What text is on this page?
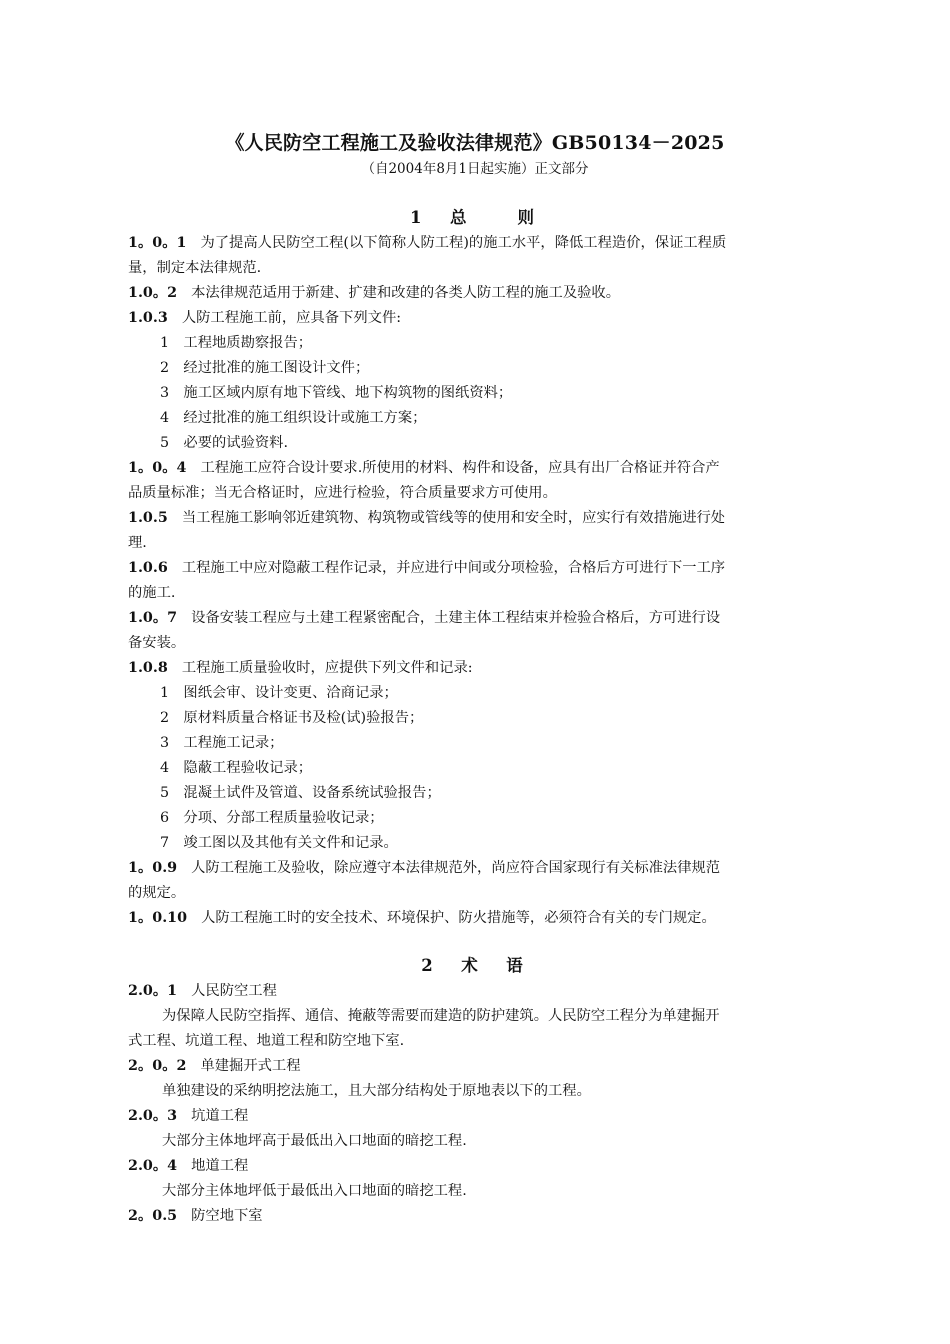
《人民防空工程施工及验收法律规范》GB50134－2025
（自2004年8月1日起实施）正文部分
1　总　　则
1。0。1 为了提高人民防空工程(以下简称人防工程)的施工水平，降低工程造价，保证工程质
量，制定本法律规范.
1.0。2 本法律规范适用于新建、扩建和改建的各类人防工程的施工及验收。
1.0.3 人防工程施工前，应具备下列文件:
1　工程地质勘察报告；
2　经过批准的施工图设计文件；
3　施工区域内原有地下管线、地下构筑物的图纸资料；
4　经过批准的施工组织设计或施工方案；
5　必要的试验资料.
1。0。4 工程施工应符合设计要求.所使用的材料、构件和设备，应具有出厂合格证并符合产
品质量标准；当无合格证时，应进行检验，符合质量要求方可使用。
1.0.5 当工程施工影响邻近建筑物、构筑物或管线等的使用和安全时，应实行有效措施进行处
理.
1.0.6 工程施工中应对隐蔽工程作记录，并应进行中间或分项检验，合格后方可进行下一工序
的施工.
1.0。7 设备安装工程应与土建工程紧密配合，土建主体工程结束并检验合格后，方可进行设
备安装。
1.0.8 工程施工质量验收时，应提供下列文件和记录:
1　图纸会审、设计变更、洽商记录；
2　原材料质量合格证书及检(试)验报告；
3　工程施工记录；
4　隐蔽工程验收记录；
5　混凝土试件及管道、设备系统试验报告；
6　分项、分部工程质量验收记录；
7　竣工图以及其他有关文件和记录。
1。0.9 人防工程施工及验收，除应遵守本法律规范外，尚应符合国家现行有关标准法律规范
的规定。
1。0.10 人防工程施工时的安全技术、环境保护、防火措施等，必须符合有关的专门规定。
2　术　语
2.0。1 人民防空工程
为保障人民防空指挥、通信、掩蔽等需要而建造的防护建筑。人民防空工程分为单建掘开
式工程、坑道工程、地道工程和防空地下室.
2。0。2 单建掘开式工程
单独建设的采纳明挖法施工，且大部分结构处于原地表以下的工程。
2.0。3 坑道工程
大部分主体地坪高于最低出入口地面的暗挖工程.
2.0。4 地道工程
大部分主体地坪低于最低出入口地面的暗挖工程.
2。0.5 防空地下室
